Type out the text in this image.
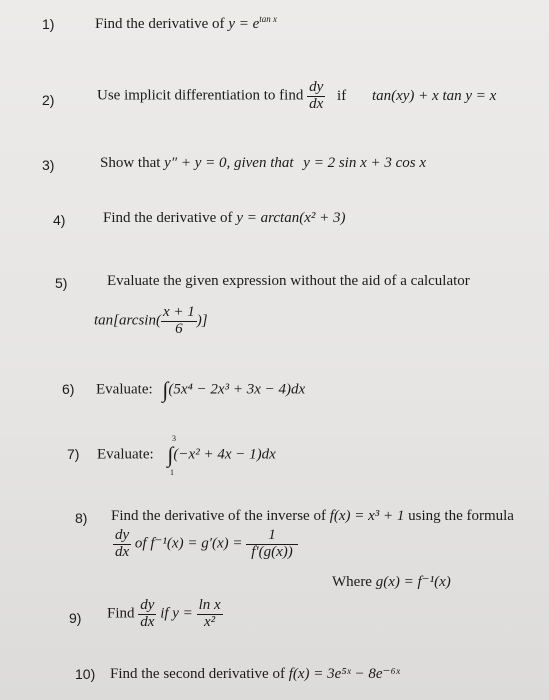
1)	Find the derivative of $y = e^{tan x}$
2)	Use implicit differentiation to find $\frac{dy}{dx}$ if tan(xy) + x tan y = x
3)	Show that y″ + y = 0, given that y = 2 sin x + 3 cos x
4)	Find the derivative of y = arctan(x² + 3)
5)	Evaluate the given expression without the aid of a calculator
$\tan[\arcsin( \frac{x + 1}{6}$ )]
6) Evaluate: ∫(5x⁴ − 2x³ + 3x − 4)dx
7) Evaluate: ∫(−x² + 4x − 1)dx
3
1
8) Find the derivative of the inverse of f(x) = x³ + 1 using the formula
$\frac{dy}{dx}$ of $f^{-1}(x) = g'(x) = \frac{1}{f'(g(x))}$
Where g(x) = f⁻¹(x)
9) Find $\frac{dy}{dx}$ if $y = \frac{\text{ln x}}{\text{x²}}$
10) Find the second derivative of f(x) = 3e⁵ˣ − 8e⁻⁶ˣ
